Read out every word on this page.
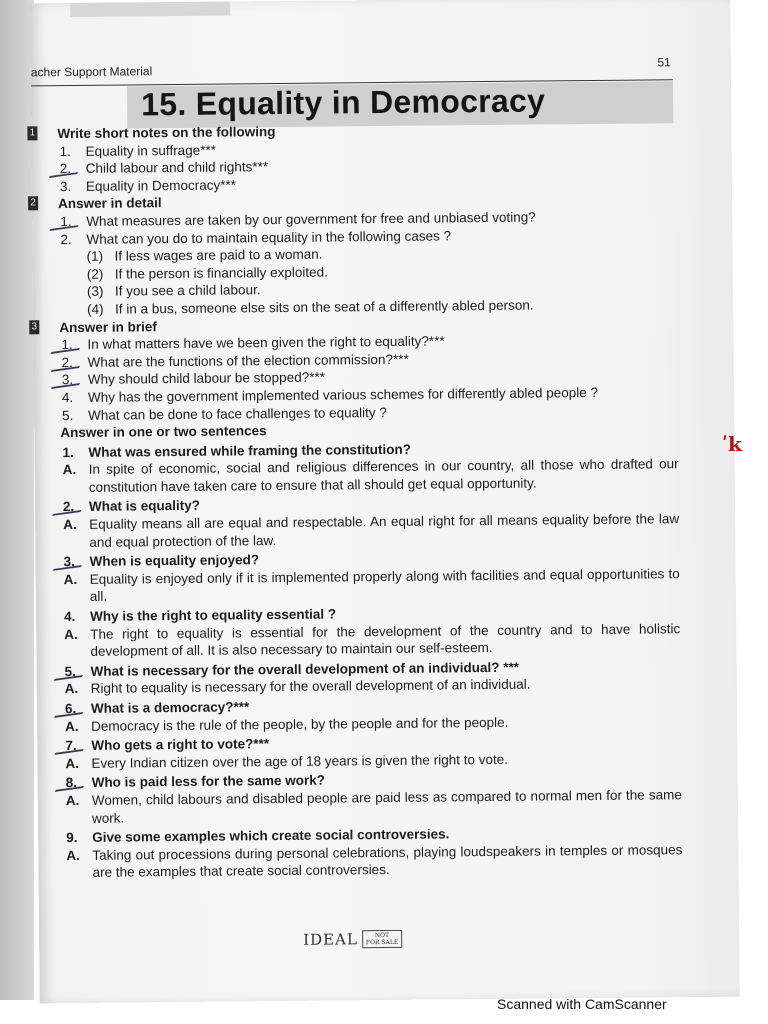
acher Support Material
51
15. Equality in Democracy
1	Write short notes on the following
1.	Equality in suffrage***
2.	Child labour and child rights***
3.	Equality in Democracy***
2	Answer in detail
1.	What measures are taken by our government for free and unbiased voting?
2.	What can you do to maintain equality in the following cases ?
(1) If less wages are paid to a woman.
(2) If the person is financially exploited.
(3) If you see a child labour.
(4) If in a bus, someone else sits on the seat of a differently abled person.
3	Answer in brief
1.	In what matters have we been given the right to equality?***
2.	What are the functions of the election commission?***
3.	Why should child labour be stopped?***
4.	Why has the government implemented various schemes for differently abled people ?
5.	What can be done to face challenges to equality ?
Answer in one or two sentences
1.	What was ensured while framing the constitution?
A. In spite of economic, social and religious differences in our country, all those who drafted our constitution have taken care to ensure that all should get equal opportunity.
2.	What is equality?
A. Equality means all are equal and respectable. An equal right for all means equality before the law and equal protection of the law.
3.	When is equality enjoyed?
A. Equality is enjoyed only if it is implemented properly along with facilities and equal opportunities to all.
4.	Why is the right to equality essential ?
A. The right to equality is essential for the development of the country and to have holistic development of all. It is also necessary to maintain our self-esteem.
5.	What is necessary for the overall development of an individual? ***
A. Right to equality is necessary for the overall development of an individual.
6.	What is a democracy?***
A. Democracy is the rule of the people, by the people and for the people.
7.	Who gets a right to vote?***
A. Every Indian citizen over the age of 18 years is given the right to vote.
8.	Who is paid less for the same work?
A. Women, child labours and disabled people are paid less as compared to normal men for the same work.
9.	Give some examples which create social controversies.
A. Taking out processions during personal celebrations, playing loudspeakers in temples or mosques are the examples that create social controversies.
IDEAL	NOT
FOR SALE
ʹk
Scanned with CamScanner
